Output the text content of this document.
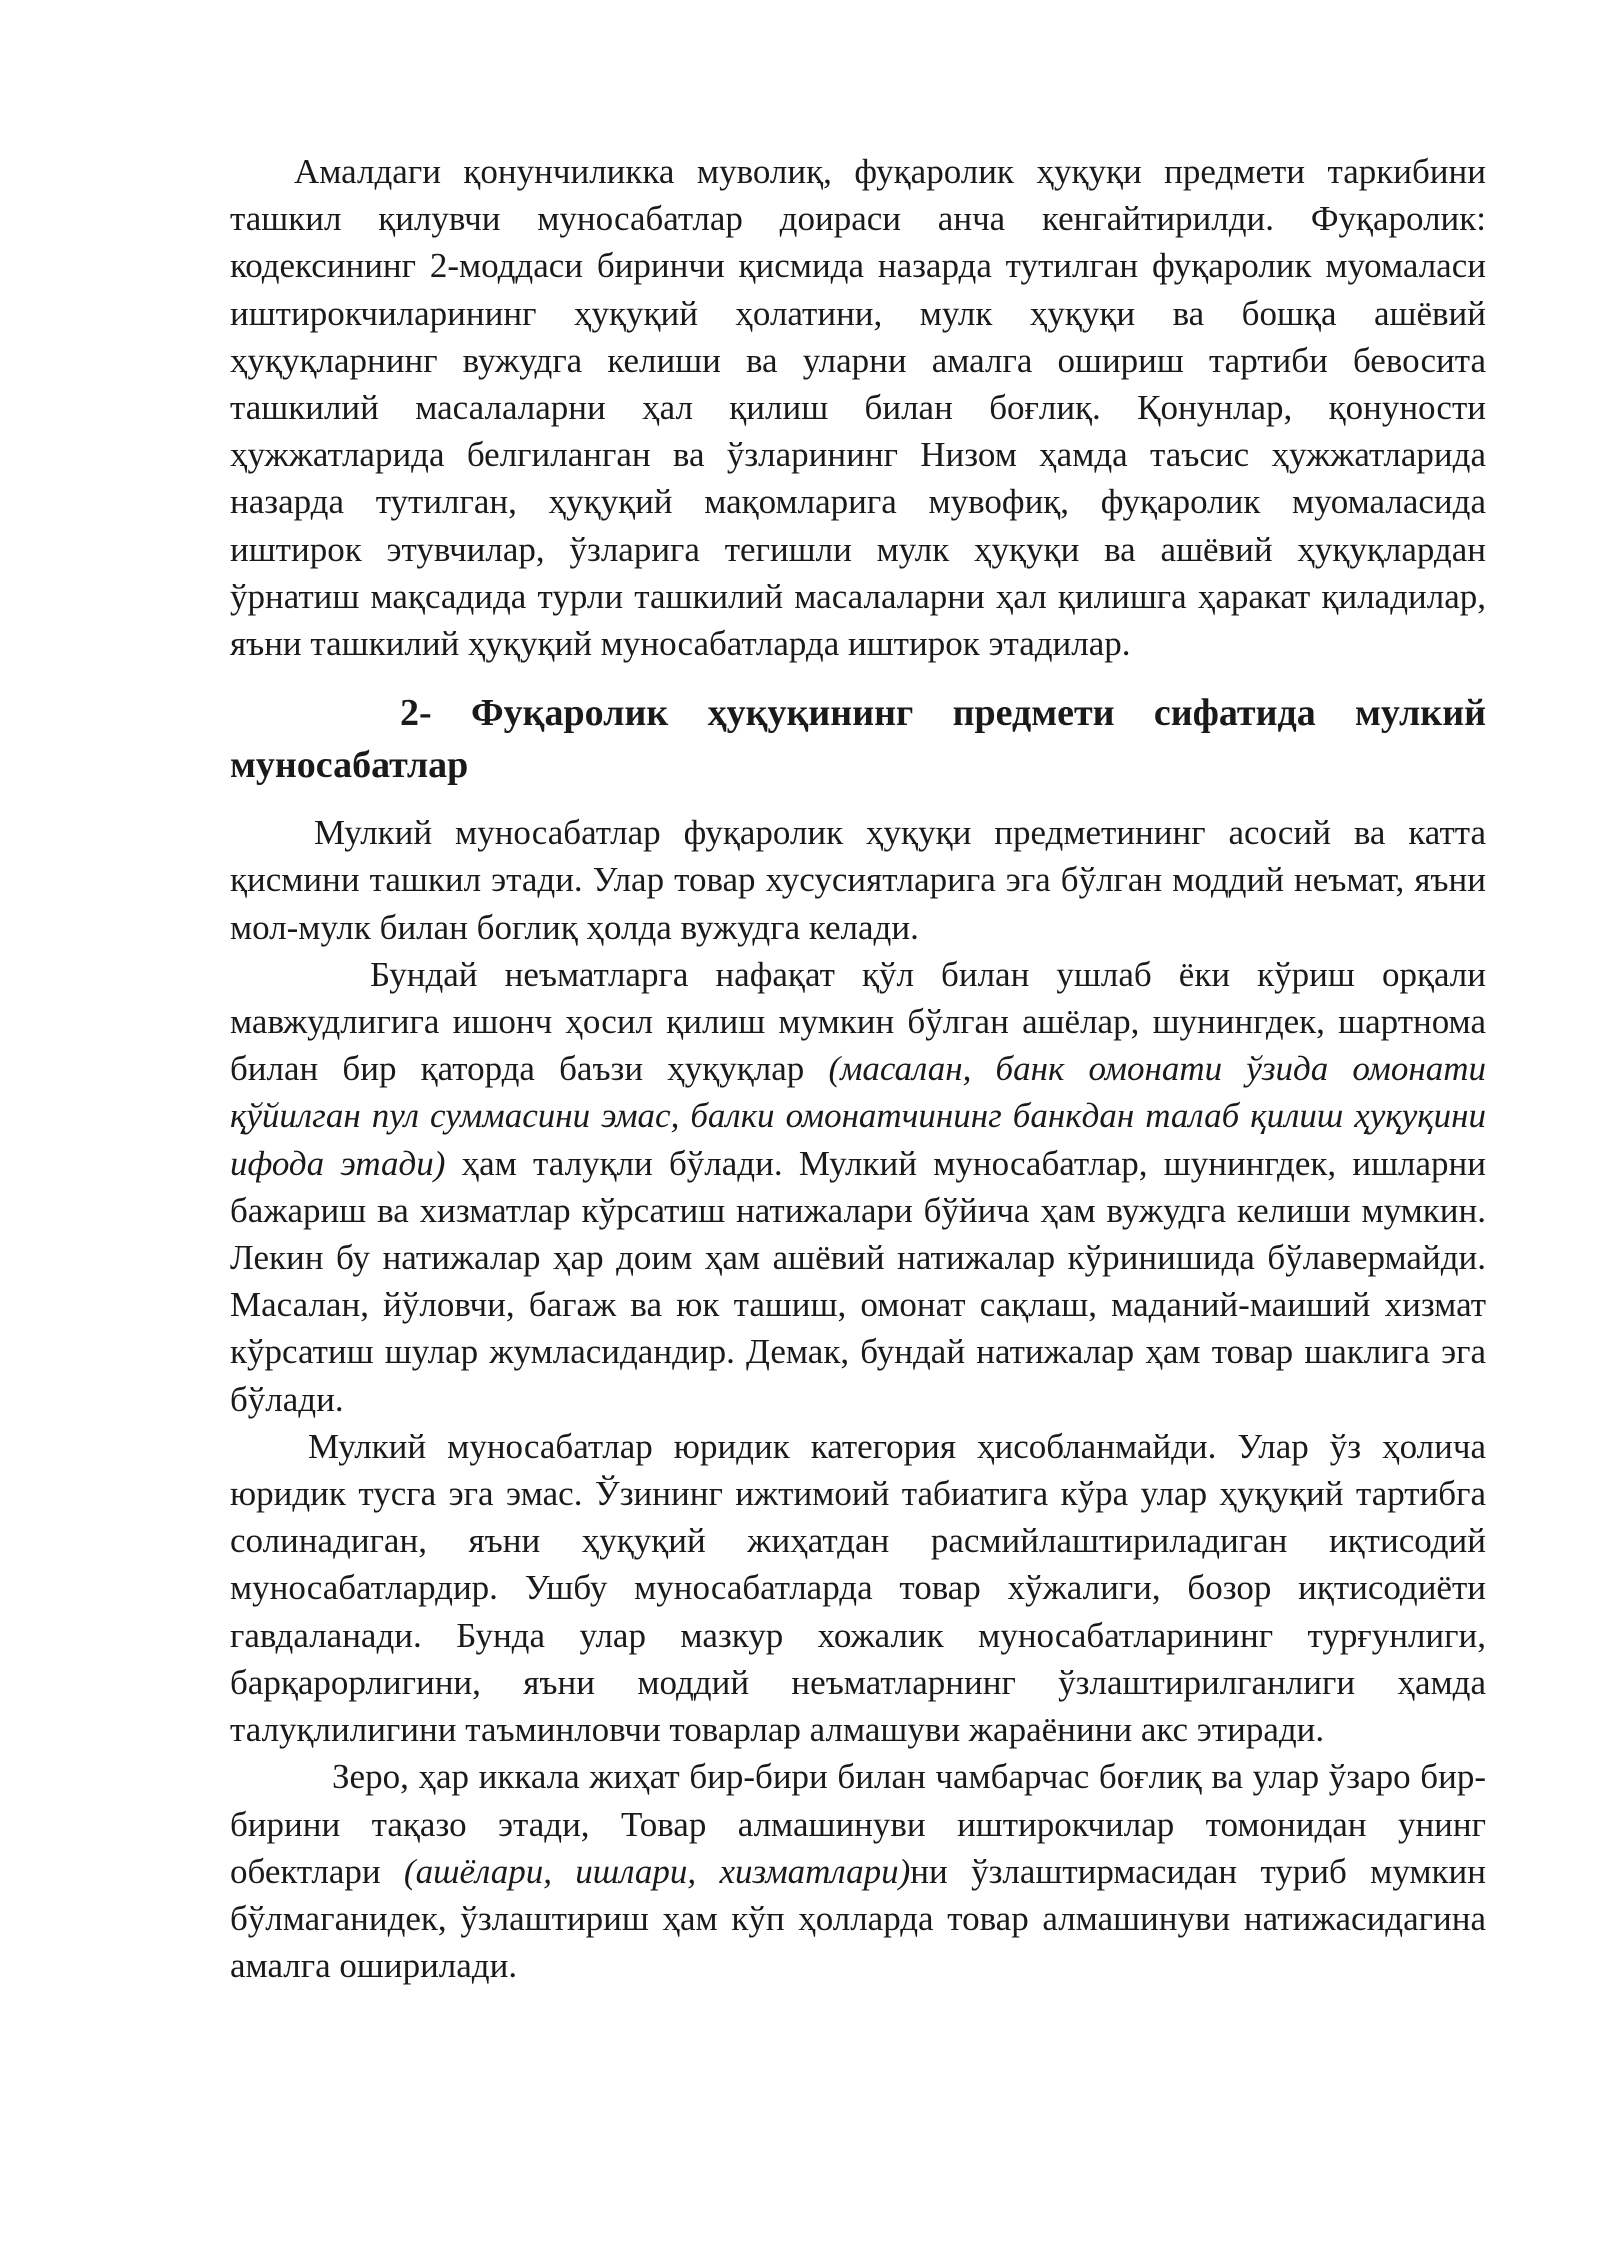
Амалдаги қонунчиликка муволиқ, фуқаролик ҳуқуқи предмети таркибини ташкил қилувчи муносабатлар доираси анча кенгайтирилди. Фуқаролик: кодексининг 2-моддаси биринчи қисмида назарда тутилган фуқаролик муомаласи иштирокчиларининг ҳуқуқий ҳолатини, мулк ҳуқуқи ва бошқа ашёвий ҳуқуқларнинг вужудга келиши ва уларни амалга ошириш тартиби бевосита ташкилий масалаларни ҳал қилиш билан боғлиқ. Қонунлар, қонуности ҳужжатларида белгиланган ва ўзларининг Низом ҳамда таъсис ҳужжатларида назарда тутилган, ҳуқуқий мақомларига мувофиқ, фуқаролик муомаласида иштирок этувчилар, ўзларига тегишли мулк ҳуқуқи ва ашёвий ҳуқуқлардан ўрнатиш мақсадида турли ташкилий масалаларни ҳал қилишга ҳаракат қиладилар, яъни ташкилий ҳуқуқий муносабатларда иштирок этадилар.

2- Фуқаролик ҳуқуқининг предмети сифатида мулкий муносабатлар

Мулкий муносабатлар фуқаролик ҳуқуқи предметининг асосий ва катта қисмини ташкил этади. Улар товар хусусиятларига эга бўлган моддий неъмат, яъни мол-мулк билан боглиқ ҳолда вужудга келади.

Бундай неъматларга нафақат қўл билан ушлаб ёки кўриш орқали мавжудлигига ишонч ҳосил қилиш мумкин бўлган ашёлар, шунингдек, шартнома билан бир қаторда баъзи ҳуқуқлар (масалан, банк омонати ўзида омонати қўйилган пул суммасини эмас, балки омонатчининг банкдан талаб қилиш ҳуқуқини ифода этади) ҳам талуқли бўлади. Мулкий муносабатлар, шунингдек, ишларни бажариш ва хизматлар кўрсатиш натижалари бўйича ҳам вужудга келиши мумкин. Лекин бу натижалар ҳар доим ҳам ашёвий натижалар кўринишида бўлавермайди. Масалан, йўловчи, багаж ва юк ташиш, омонат сақлаш, маданий-маиший хизмат кўрсатиш шулар жумласидандир. Демак, бундай натижалар ҳам товар шаклига эга бўлади.

Мулкий муносабатлар юридик категория ҳисобланмайди. Улар ўз ҳолича юридик тусга эга эмас. Ўзининг ижтимоий табиатига кўра улар ҳуқуқий тартибга солинадиган, яъни ҳуқуқий жиҳатдан расмийлаштириладиган иқтисодий муносабатлардир. Ушбу муносабатларда товар хўжалиги, бозор иқтисодиёти гавдаланади. Бунда улар мазкур хожалик муносабатларининг турғунлиги, барқарорлигини, яъни моддий неъматларнинг ўзлаштирилганлиги ҳамда талуқлилигини таъминловчи товарлар алмашуви жараёнини акс этиради.

Зеро, ҳар иккала жиҳат бир-бири билан чамбарчас боғлиқ ва улар ўзаро бир-бирини тақазо этади, Товар алмашинуви иштирокчилар томонидан унинг обектлари (ашёлари, ишлари, хизматлари)ни ўзлаштирмасидан туриб мумкин бўлмаганидек, ўзлаштириш ҳам кўп ҳолларда товар алмашинуви натижасидагина амалга оширилади.
